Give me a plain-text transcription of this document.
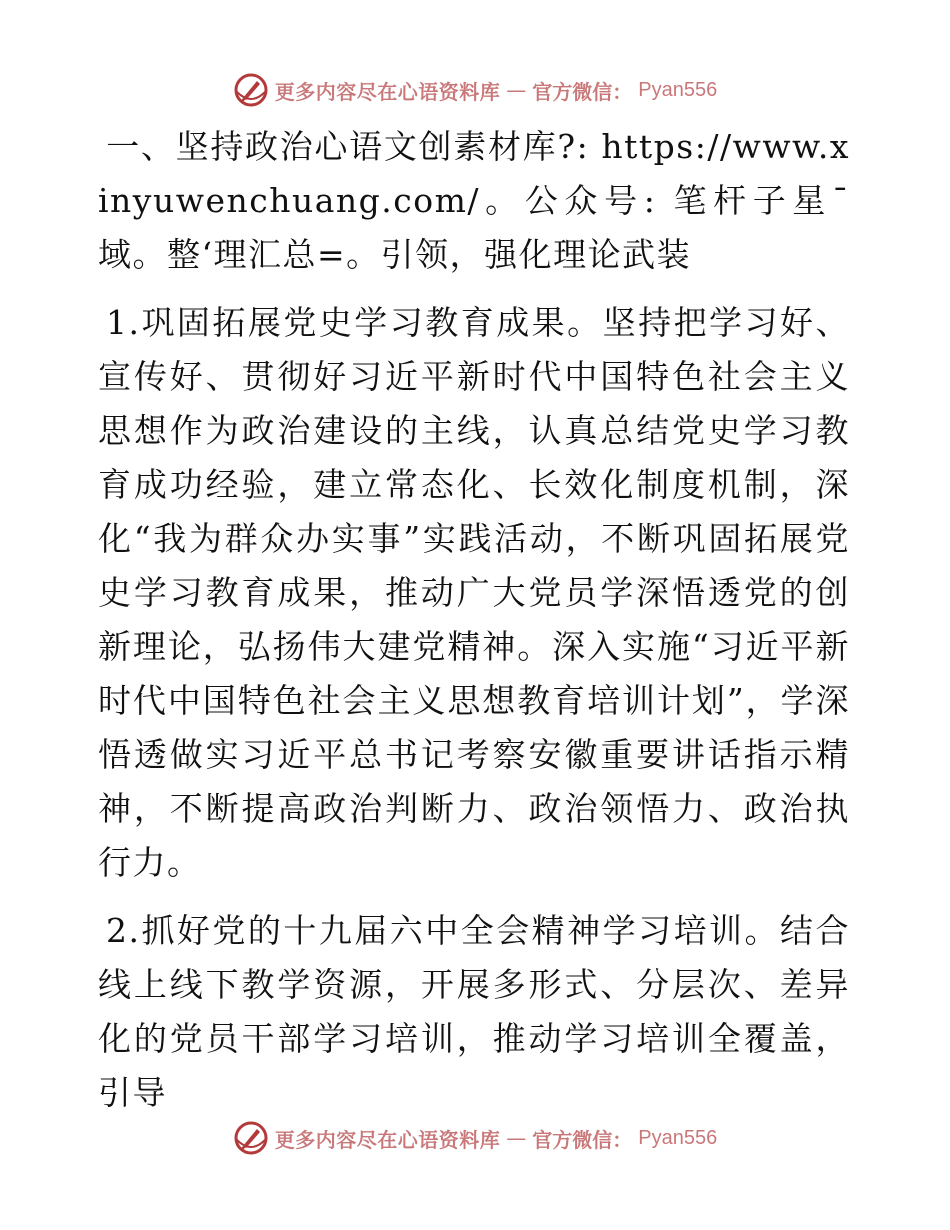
更多内容尽在心语资料库 — 官方微信： Pyan556

一、坚持政治心语文创素材库?: https://www.xinyuwenchuang.com/。公众号: 笔杆子星¯域。整‘理汇总=。引领，强化理论武装

1.巩固拓展党史学习教育成果。坚持把学习好、宣传好、贯彻好习近平新时代中国特色社会主义思想作为政治建设的主线，认真总结党史学习教育成功经验，建立常态化、长效化制度机制，深化“我为群众办实事”实践活动，不断巩固拓展党史学习教育成果，推动广大党员学深悟透党的创新理论，弘扬伟大建党精神。深入实施“习近平新时代中国特色社会主义思想教育培训计划”，学深悟透做实习近平总书记考察安徽重要讲话指示精神，不断提高政治判断力、政治领悟力、政治执行力。

2.抓好党的十九届六中全会精神学习培训。结合线上线下教学资源，开展多形式、分层次、差异化的党员干部学习培训，推动学习培训全覆盖，引导

更多内容尽在心语资料库 — 官方微信： Pyan556
